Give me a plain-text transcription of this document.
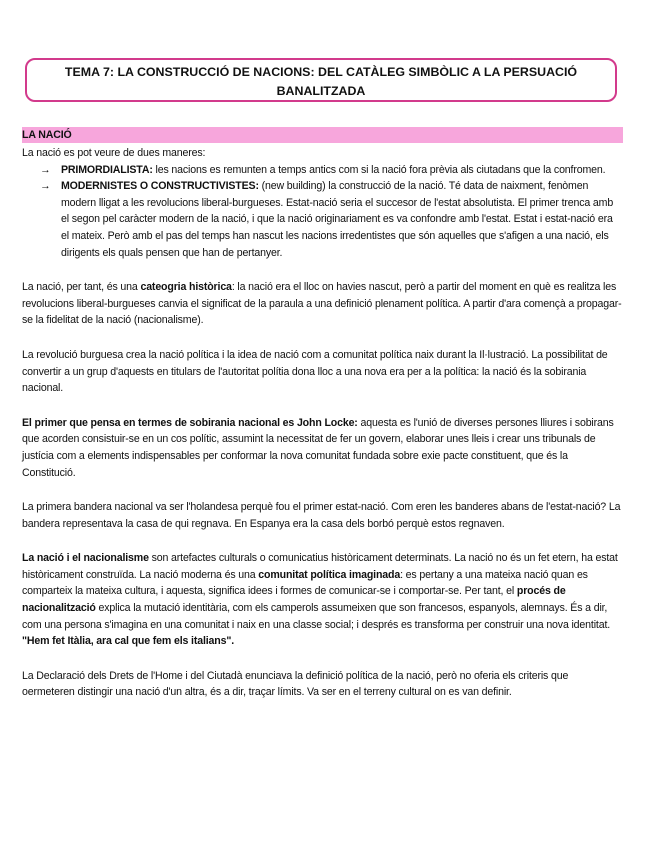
TEMA 7: LA CONSTRUCCIÓ DE NACIONS: DEL CATÀLEG SIMBÒLIC A LA PERSUACIÓ
BANALITZADA
LA NACIÓ

La nació es pot veure de dues maneres:

→ PRIMORDIALISTA: les nacions es remunten a temps antics com si la nació fora prèvia als ciutadans que la confromen.
→ MODERNISTES O CONSTRUCTIVISTES: (new building) la construcció de la nació. Té data de naixment, fenòmen modern lligat a les revolucions liberal-burgueses. Estat-nació seria el succesor de l'estat absolutista. El primer trenca amb el segon pel caràcter modern de la nació, i que la nació originariament es va confondre amb l'estat. Estat i estat-nació era el mateix. Però amb el pas del temps han nascut les nacions irredentistes que són aquelles que s'afigen a una nació, els dirigents els quals pensen que han de pertanyer.

La nació, per tant, és una cateogria històrica: la nació era el lloc on havies nascut, però a partir del moment en què es realitza les revolucions liberal-burgueses canvia el significat de la paraula a una definició plenament política. A partir d'ara començà a propagar-se la fidelitat de la nació (nacionalisme).

La revolució burguesa crea la nació política i la idea de nació com a comunitat política naix durant la Il·lustració. La possibilitat de convertir a un grup d'aquests en titulars de l'autoritat polítia dona lloc a una nova era per a la política: la nació és la sobirania nacional.

El primer que pensa en termes de sobirania nacional es John Locke: aquesta es l'unió de diverses persones lliures i sobirans que acorden consistuir-se en un cos polític, assumint la necessitat de fer un govern, elaborar unes lleis i crear uns tribunals de justícia com a elements indispensables per conformar la nova comunitat fundada sobre exie pacte constituent, que és la Constitució.

La primera bandera nacional va ser l'holandesa perquè fou el primer estat-nació. Com eren les banderes abans de l'estat-nació? La bandera representava la casa de qui regnava. En Espanya era la casa dels borbó perquè estos regnaven.

La nació i el nacionalisme son artefactes culturals o comunicatius històricament determinats. La nació no és un fet etern, ha estat històricament construïda. La nació moderna és una comunitat política imaginada: es pertany a una mateixa nació quan es comparteix la mateixa cultura, i aquesta, significa idees i formes de comunicar-se i comportar-se. Per tant, el procés de nacionalització explica la mutació identitària, com els camperols assumeixen que son francesos, espanyols, alemnays. És a dir, com una persona s'imagina en una comunitat i naix en una classe social; i després es transforma per construir una nova identitat. "Hem fet Itàlia, ara cal que fem els italians".

La Declaració dels Drets de l'Home i del Ciutadà enunciava la definició política de la nació, però no oferia els criteris que oermeteren distingir una nació d'un altra, és a dir, traçar límits. Va ser en el terreny cultural on es van definir.
